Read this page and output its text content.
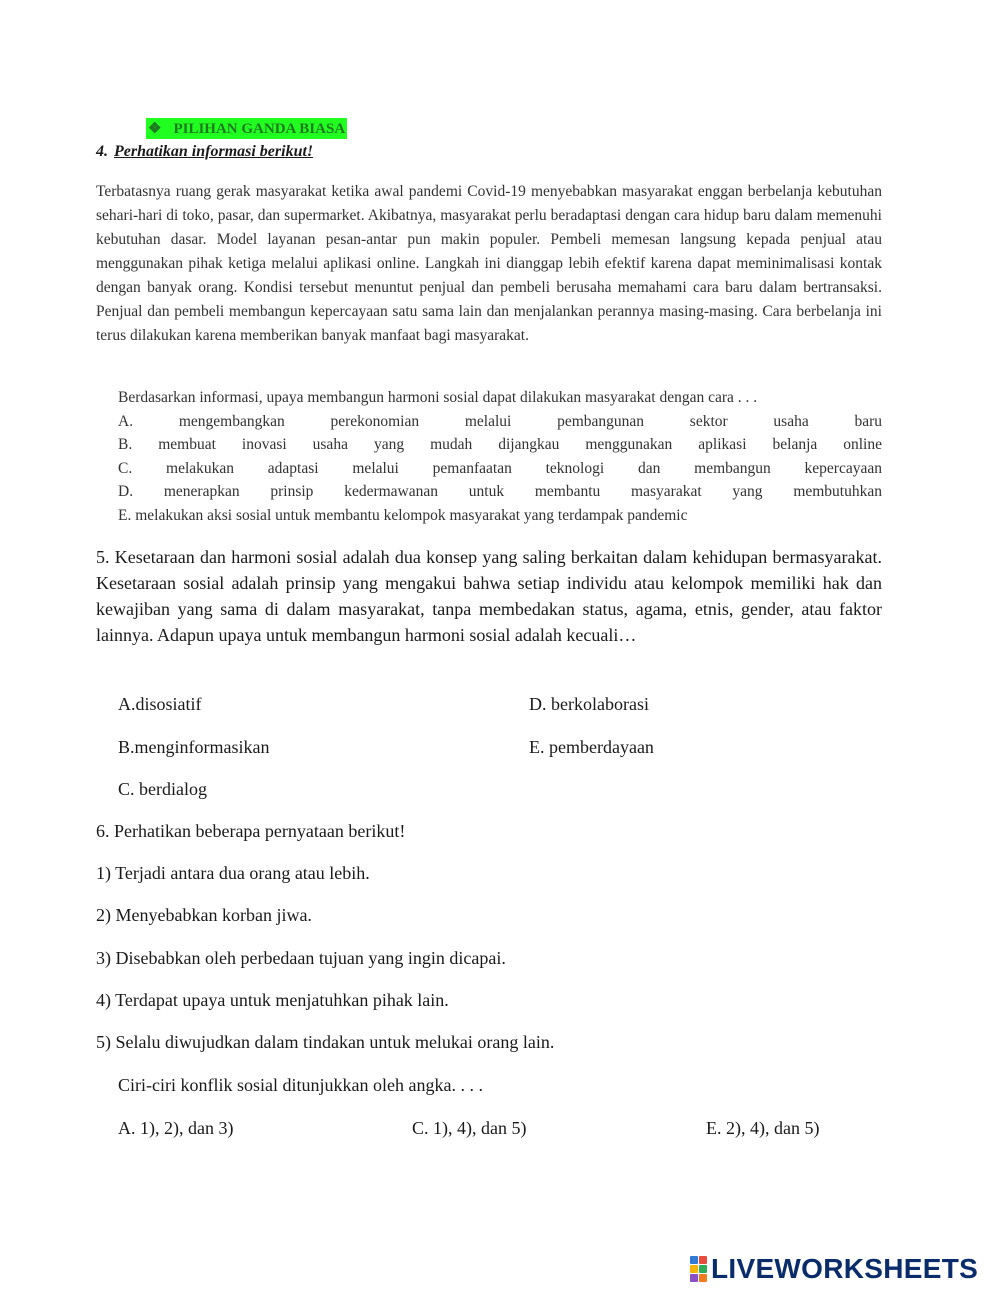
❖ PILIHAN GANDA BIASA
4. Perhatikan informasi berikut!
Terbatasnya ruang gerak masyarakat ketika awal pandemi Covid-19 menyebabkan masyarakat enggan berbelanja kebutuhan sehari-hari di toko, pasar, dan supermarket. Akibatnya, masyarakat perlu beradaptasi dengan cara hidup baru dalam memenuhi kebutuhan dasar. Model layanan pesan-antar pun makin populer. Pembeli memesan langsung kepada penjual atau menggunakan pihak ketiga melalui aplikasi online. Langkah ini dianggap lebih efektif karena dapat meminimalisasi kontak dengan banyak orang. Kondisi tersebut menuntut penjual dan pembeli berusaha memahami cara baru dalam bertransaksi. Penjual dan pembeli membangun kepercayaan satu sama lain dan menjalankan perannya masing-masing. Cara berbelanja ini terus dilakukan karena memberikan banyak manfaat bagi masyarakat.
Berdasarkan informasi, upaya membangun harmoni sosial dapat dilakukan masyarakat dengan cara . . .
A. mengembangkan perekonomian melalui pembangunan sektor usaha baru
B. membuat inovasi usaha yang mudah dijangkau menggunakan aplikasi belanja online
C. melakukan adaptasi melalui pemanfaatan teknologi dan membangun kepercayaan
D. menerapkan prinsip kedermawanan untuk membantu masyarakat yang membutuhkan
E. melakukan aksi sosial untuk membantu kelompok masyarakat yang terdampak pandemic
5. Kesetaraan dan harmoni sosial adalah dua konsep yang saling berkaitan dalam kehidupan bermasyarakat. Kesetaraan sosial adalah prinsip yang mengakui bahwa setiap individu atau kelompok memiliki hak dan kewajiban yang sama di dalam masyarakat, tanpa membedakan status, agama, etnis, gender, atau faktor lainnya. Adapun upaya untuk membangun harmoni sosial adalah kecuali…
A.disosiatif	D. berkolaborasi
B.menginformasikan	E. pemberdayaan
C. berdialog
6. Perhatikan beberapa pernyataan berikut!
1) Terjadi antara dua orang atau lebih.
2) Menyebabkan korban jiwa.
3) Disebabkan oleh perbedaan tujuan yang ingin dicapai.
4) Terdapat upaya untuk menjatuhkan pihak lain.
5) Selalu diwujudkan dalam tindakan untuk melukai orang lain.
Ciri-ciri konflik sosial ditunjukkan oleh angka. . . .
A. 1), 2), dan 3)	C. 1), 4), dan 5)	E. 2), 4), dan 5)
LIVEWORKSHEETS
